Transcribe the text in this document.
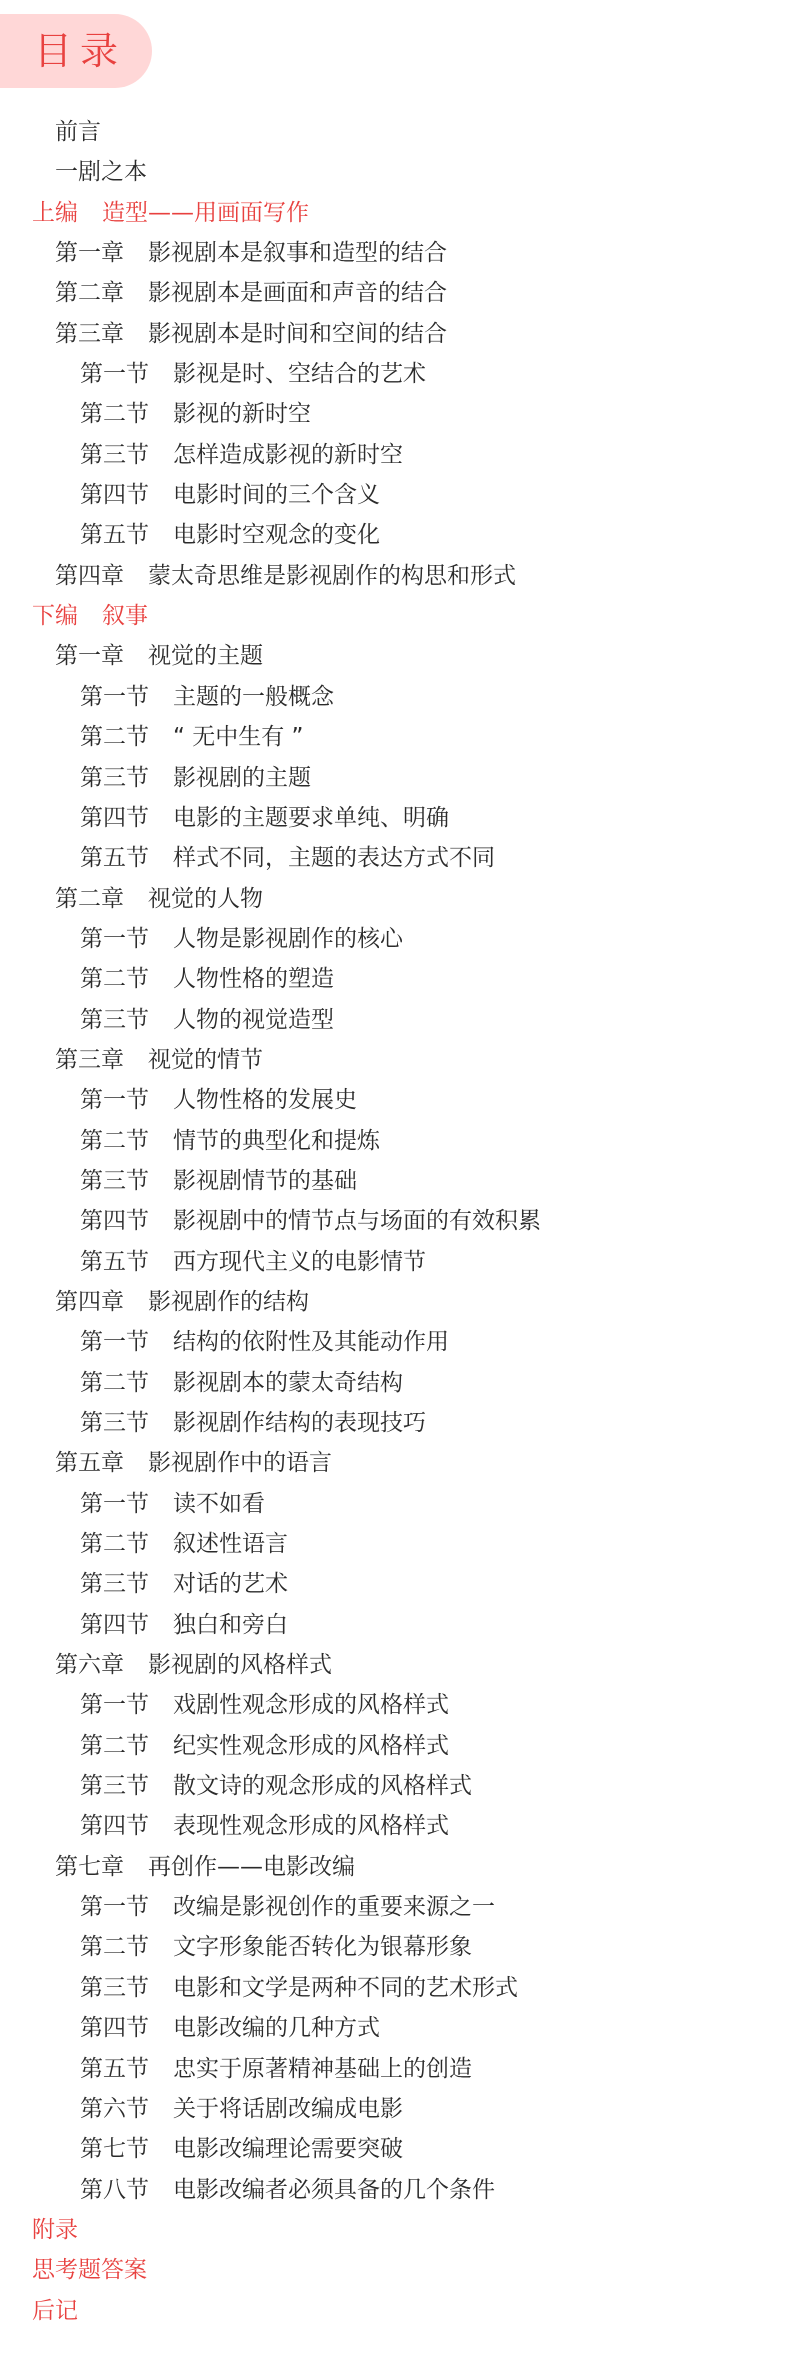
目录
前言
一剧之本
上编 造型——用画面写作
第一章 影视剧本是叙事和造型的结合
第二章 影视剧本是画面和声音的结合
第三章 影视剧本是时间和空间的结合
第一节 影视是时、空结合的艺术
第二节 影视的新时空
第三节 怎样造成影视的新时空
第四节 电影时间的三个含义
第五节 电影时空观念的变化
第四章 蒙太奇思维是影视剧作的构思和形式
下编 叙事
第一章 视觉的主题
第一节 主题的一般概念
第二节 “ 无中生有 ”
第三节 影视剧的主题
第四节 电影的主题要求单纯、明确
第五节 样式不同，主题的表达方式不同
第二章 视觉的人物
第一节 人物是影视剧作的核心
第二节 人物性格的塑造
第三节 人物的视觉造型
第三章 视觉的情节
第一节 人物性格的发展史
第二节 情节的典型化和提炼
第三节 影视剧情节的基础
第四节 影视剧中的情节点与场面的有效积累
第五节 西方现代主义的电影情节
第四章 影视剧作的结构
第一节 结构的依附性及其能动作用
第二节 影视剧本的蒙太奇结构
第三节 影视剧作结构的表现技巧
第五章 影视剧作中的语言
第一节 读不如看
第二节 叙述性语言
第三节 对话的艺术
第四节 独白和旁白
第六章 影视剧的风格样式
第一节 戏剧性观念形成的风格样式
第二节 纪实性观念形成的风格样式
第三节 散文诗的观念形成的风格样式
第四节 表现性观念形成的风格样式
第七章 再创作——电影改编
第一节 改编是影视创作的重要来源之一
第二节 文字形象能否转化为银幕形象
第三节 电影和文学是两种不同的艺术形式
第四节 电影改编的几种方式
第五节 忠实于原著精神基础上的创造
第六节 关于将话剧改编成电影
第七节 电影改编理论需要突破
第八节 电影改编者必须具备的几个条件
附录
思考题答案
后记
